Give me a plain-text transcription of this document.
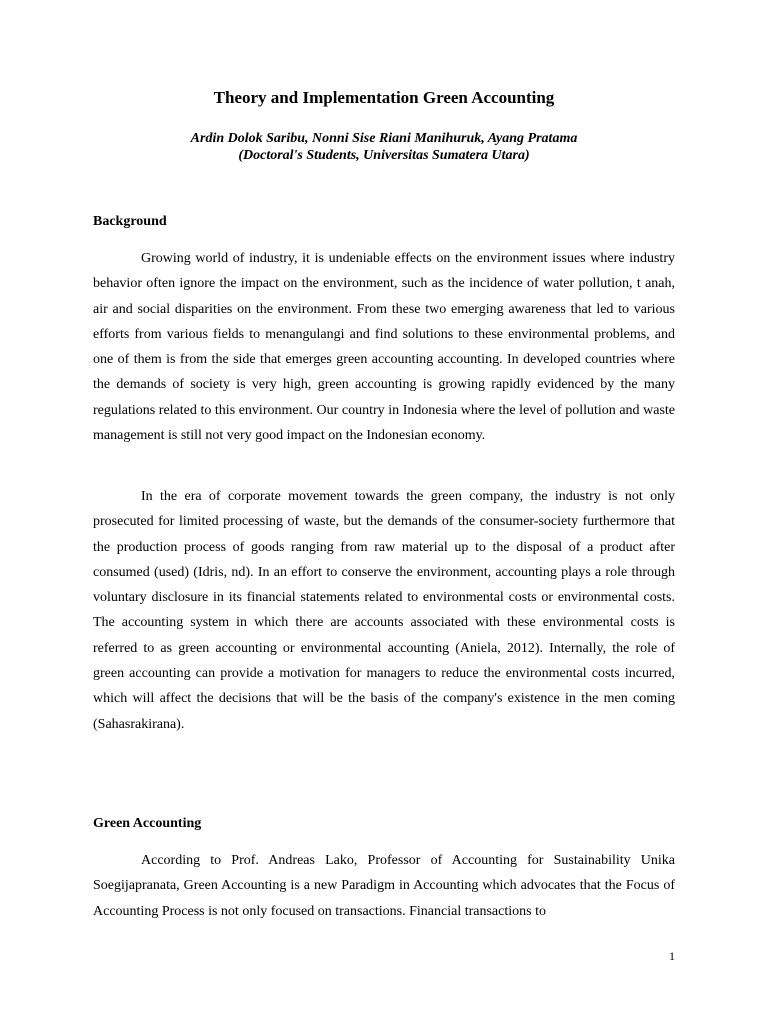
Theory and Implementation Green Accounting
Ardin Dolok Saribu, Nonni Sise Riani Manihuruk, Ayang Pratama
(Doctoral's Students, Universitas Sumatera Utara)
Background

Growing world of industry, it is undeniable effects on the environment issues where industry behavior often ignore the impact on the environment, such as the incidence of water pollution, t anah, air and social disparities on the environment. From these two emerging awareness that led to various efforts from various fields to menangulangi and find solutions to these environmental problems, and one of them is from the side that emerges green accounting accounting. In developed countries where the demands of society is very high, green accounting is growing rapidly evidenced by the many regulations related to this environment. Our country in Indonesia where the level of pollution and waste management is still not very good impact on the Indonesian economy.

In the era of corporate movement towards the green company, the industry is not only prosecuted for limited processing of waste, but the demands of the consumer-society furthermore that the production process of goods ranging from raw material up to the disposal of a product after consumed (used) (Idris, nd). In an effort to conserve the environment, accounting plays a role through voluntary disclosure in its financial statements related to environmental costs or environmental costs. The accounting system in which there are accounts associated with these environmental costs is referred to as green accounting or environmental accounting (Aniela, 2012). Internally, the role of green accounting can provide a motivation for managers to reduce the environmental costs incurred, which will affect the decisions that will be the basis of the company's existence in the men coming (Sahasrakirana).

Green Accounting

According to Prof. Andreas Lako, Professor of Accounting for Sustainability Unika Soegijapranata, Green Accounting is a new Paradigm in Accounting which advocates that the Focus of Accounting Process is not only focused on transactions. Financial transactions to

1
